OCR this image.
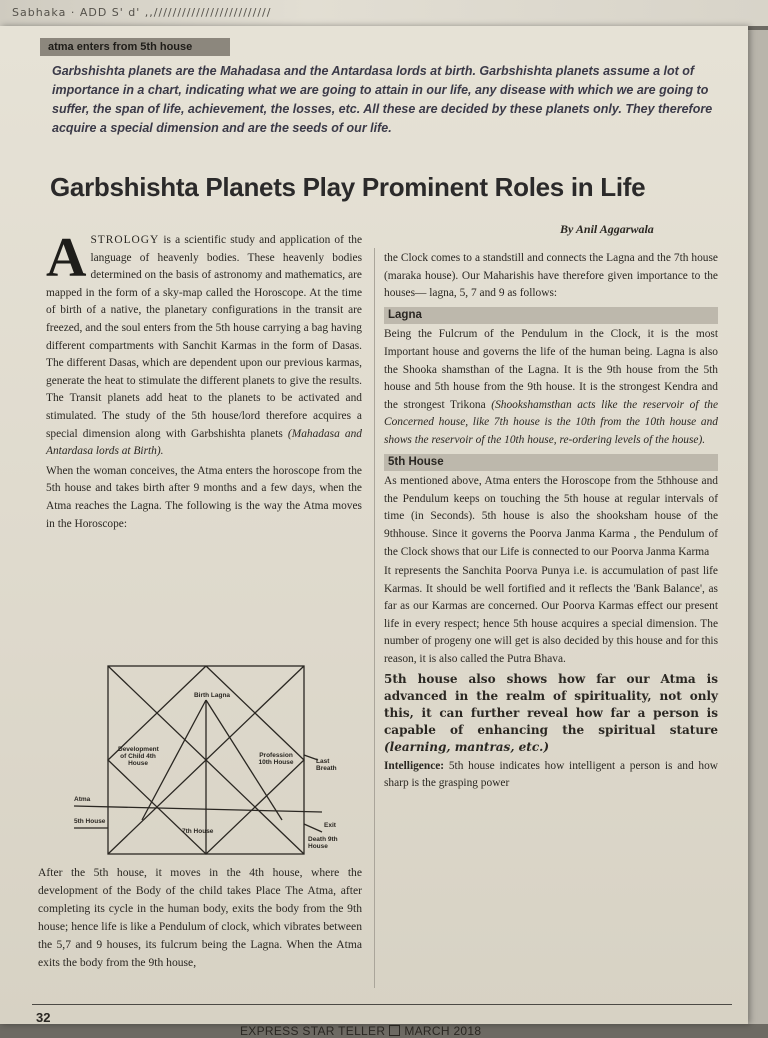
Sabhaka · ADD S' d' ,,/////////////////////////
atma enters from 5th house
Garbshishta planets are the Mahadasa and the Antardasa lords at birth. Garbshishta planets assume a lot of importance in a chart, indicating what we are going to attain in our life, any disease with which we are going to suffer, the span of life, achievement, the losses, etc. All these are decided by these planets only. They therefore acquire a special dimension and are the seeds of our life.
Garbshishta Planets Play Prominent Roles in Life
By Anil Aggarwala

ASTROLOGY is a scientific study and application of the language of heavenly bodies. These heavenly bodies determined on the basis of astronomy and mathematics, are mapped in the form of a sky-map called the Horoscope. At the time of birth of a native, the planetary configurations in the transit are freezed, and the soul enters from the 5th house carrying a bag having different compartments with Sanchit Karmas in the form of Dasas. The different Dasas, which are dependent upon our previous karmas, generate the heat to stimulate the different planets to give the results. The Transit planets add heat to the planets to be activated and stimulated. The study of the 5th house/lord therefore acquires a special dimension along with Garbshishta planets (Mahadasa and Antardasa lords at Birth).

When the woman conceives, the Atma enters the horoscope from the 5th house and takes birth after 9 months and a few days, when the Atma reaches the Lagna. The following is the way the Atma moves in the Horoscope:

Birth Lagna
Development of Child 4th House
Profession 10th House	Last Breath
Atma
5th House
7th House
Exit
Death 9th House
After the 5th house, it moves in the 4th house, where the development of the Body of the child takes Place The Atma, after completing its cycle in the human body, exits the body from the 9th house; hence life is like a Pendulum of clock, which vibrates between the 5,7 and 9 houses, its fulcrum being the Lagna. When the Atma exits the body from the 9th house,

the Clock comes to a standstill and connects the Lagna and the 7th house (maraka house). Our Maharishis have therefore given importance to the houses— lagna, 5, 7 and 9 as follows:

Lagna

Being the Fulcrum of the Pendulum in the Clock, it is the most Important house and governs the life of the human being. Lagna is also the Shooka shamsthan of the Lagna. It is the 9th house from the 5th house and 5th house from the 9th house. It is the strongest Kendra and the strongest Trikona (Shookshamsthan acts like the reservoir of the Concerned house, like 7th house is the 10th from the 10th house and shows the reservoir of the 10th house, re-ordering levels of the house).

5th House

As mentioned above, Atma enters the Horoscope from the 5thhouse and the Pendulum keeps on touching the 5th house at regular intervals of time (in Seconds). 5th house is also the shooksham house of the 9thhouse. Since it governs the Poorva Janma Karma , the Pendulum of the Clock shows that our Life is connected to our Poorva Janma Karma

It represents the Sanchita Poorva Punya i.e. is accumulation of past life Karmas. It should be well fortified and it reflects the 'Bank Balance', as far as our Karmas are concerned. Our Poorva Karmas effect our present life in every respect; hence 5th house acquires a special dimension. The number of progeny one will get is also decided by this house and for this reason, it is also called the Putra Bhava.

5th house also shows how far our Atma is advanced in the realm of spirituality, not only this, it can further reveal how far a person is capable of enhancing the spiritual stature (learning, mantras, etc.)

Intelligence: 5th house indicates how intelligent a person is and how sharp is the grasping power

32
EXPRESS STAR TELLER MARCH 2018
